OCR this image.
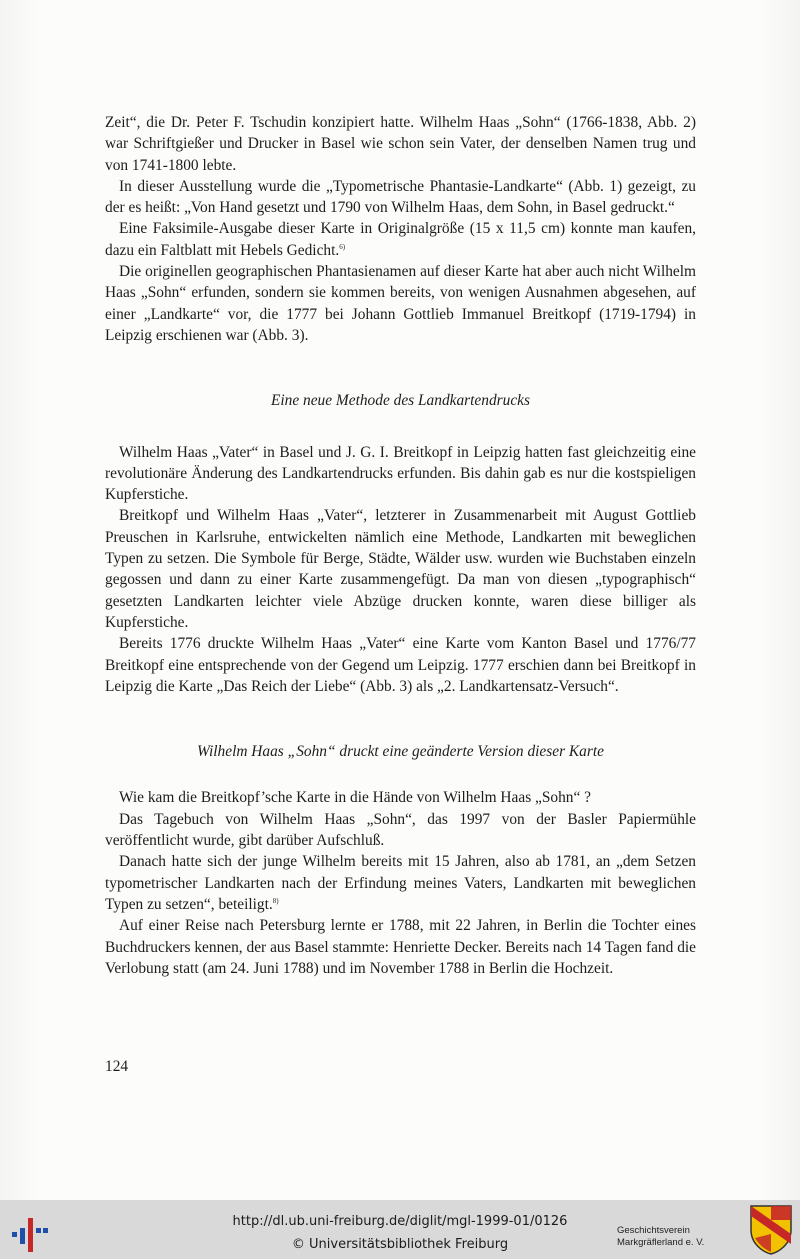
Zeit“, die Dr. Peter F. Tschudin konzipiert hatte. Wilhelm Haas „Sohn“ (1766-1838, Abb. 2) war Schriftgießer und Drucker in Basel wie schon sein Vater, der denselben Namen trug und von 1741-1800 lebte.

In dieser Ausstellung wurde die „Typometrische Phantasie-Landkarte“ (Abb. 1) gezeigt, zu der es heißt: „Von Hand gesetzt und 1790 von Wilhelm Haas, dem Sohn, in Basel gedruckt.“

Eine Faksimile-Ausgabe dieser Karte in Originalgröße (15 x 11,5 cm) konnte man kaufen, dazu ein Faltblatt mit Hebels Gedicht.$^{6)}$

Die originellen geographischen Phantasienamen auf dieser Karte hat aber auch nicht Wilhelm Haas „Sohn“ erfunden, sondern sie kommen bereits, von wenigen Ausnahmen abgesehen, auf einer „Landkarte“ vor, die 1777 bei Johann Gottlieb Immanuel Breitkopf (1719-1794) in Leipzig erschienen war (Abb. 3).

Eine neue Methode des Landkartendrucks

Wilhelm Haas „Vater“ in Basel und J. G. I. Breitkopf in Leipzig hatten fast gleichzeitig eine revolutionäre Änderung des Landkartendrucks erfunden. Bis dahin gab es nur die kostspieligen Kupferstiche.

Breitkopf und Wilhelm Haas „Vater“, letzterer in Zusammenarbeit mit August Gottlieb Preuschen in Karlsruhe, entwickelten nämlich eine Methode, Landkarten mit beweglichen Typen zu setzen. Die Symbole für Berge, Städte, Wälder usw. wurden wie Buchstaben einzeln gegossen und dann zu einer Karte zusammengefügt. Da man von diesen „typographisch“ gesetzten Landkarten leichter viele Abzüge drucken konnte, waren diese billiger als Kupferstiche.

Bereits 1776 druckte Wilhelm Haas „Vater“ eine Karte vom Kanton Basel und 1776/77 Breitkopf eine entsprechende von der Gegend um Leipzig. 1777 erschien dann bei Breitkopf in Leipzig die Karte „Das Reich der Liebe“ (Abb. 3) als „2. Landkartensatz-Versuch“.

Wilhelm Haas „Sohn“ druckt eine geänderte Version dieser Karte

Wie kam die Breitkopf’sche Karte in die Hände von Wilhelm Haas „Sohn“ ?

Das Tagebuch von Wilhelm Haas „Sohn“, das 1997 von der Basler Papiermühle veröffentlicht wurde, gibt darüber Aufschluß.

Danach hatte sich der junge Wilhelm bereits mit 15 Jahren, also ab 1781, an „dem Setzen typometrischer Landkarten nach der Erfindung meines Vaters, Landkarten mit beweglichen Typen zu setzen“, beteiligt.$^{8)}$

Auf einer Reise nach Petersburg lernte er 1788, mit 22 Jahren, in Berlin die Tochter eines Buchdruckers kennen, der aus Basel stammte: Henriette Decker. Bereits nach 14 Tagen fand die Verlobung statt (am 24. Juni 1788) und im November 1788 in Berlin die Hochzeit.

124
http://dl.ub.uni-freiburg.de/diglit/mgl-1999-01/0126
© Universitätsbibliothek Freiburg
Geschichtsverein
Markgräflerland e. V.
